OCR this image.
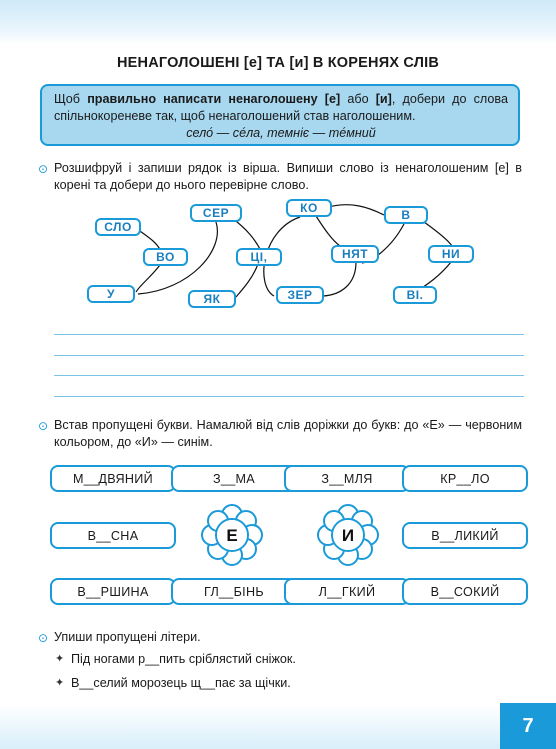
7
НЕНАГОЛОШЕНІ [е] ТА [и] В КОРЕНЯХ СЛІВ
Щоб правильно написати ненаголошену [е] або [и], добери до слова спільнокореневе так, щоб ненаголошений став наголошеним.
село́ — се́ла, темніє — те́мний
⊙ Розшифруй і запиши рядок із вірша. Випиши слово із ненаголошеним [е] в корені та добери до нього перевірне слово.
СЛО
ВО
У
СЕР
ЦІ,
ЯК
КО
НЯТ
ЗЕР
В
НИ
ВІ.
⊙ Встав пропущені букви. Намалюй від слів доріжки до букв: до «Е» — червоним кольором, до «И» — синім.
М__ДВЯНИЙ	З__МА	З__МЛЯ	КР__ЛО
В__СНА	В__ЛИКИЙ
В__РШИНА	ГЛ__БІНЬ	Л__ГКИЙ	В__СОКИЙ
Е	И
⊙ Упиши пропущені літери.
✦ Під ногами р__пить сріблястий сніжок.
✦ В__селий морозець щ__пає за щічки.
